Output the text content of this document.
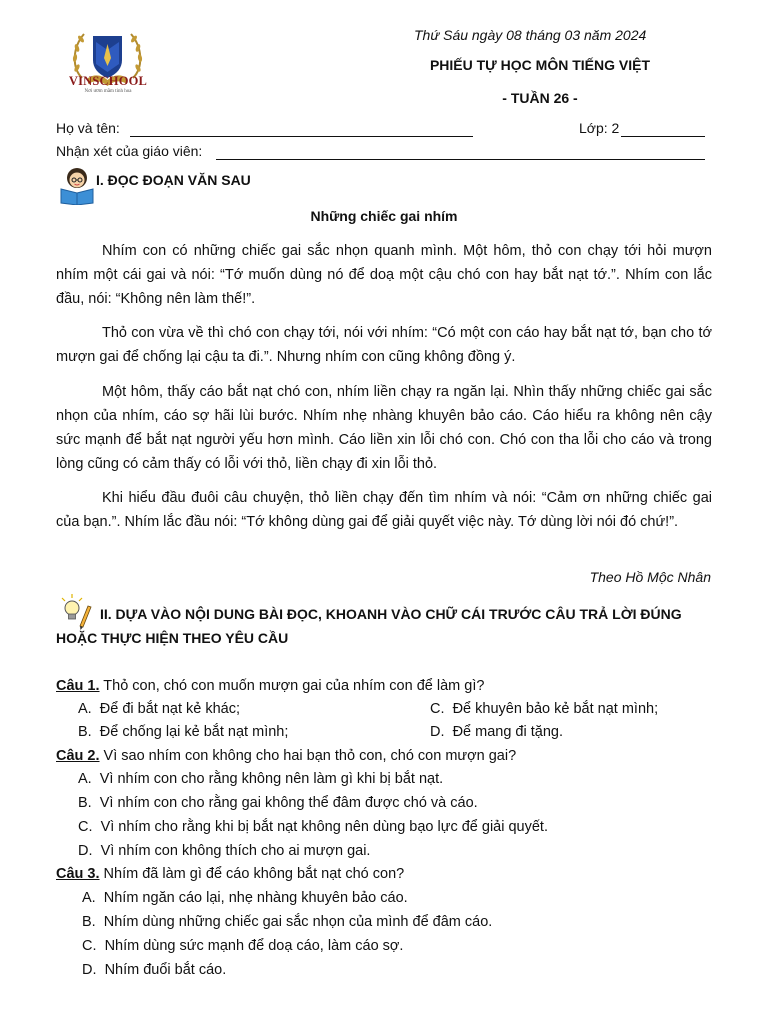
VINSCHOOL
Nơi ươm mầm tinh hoa
Thứ Sáu ngày 08 tháng 03 năm 2024
PHIẾU TỰ HỌC MÔN TIẾNG VIỆT
- TUẦN 26 -
Họ và tên:	Lớp: 2
Nhận xét của giáo viên:
I. ĐỌC ĐOẠN VĂN SAU
Những chiếc gai nhím
Nhím con có những chiếc gai sắc nhọn quanh mình. Một hôm, thỏ con chạy tới hỏi mượn nhím một cái gai và nói: “Tớ muốn dùng nó để doạ một cậu chó con hay bắt nạt tớ.”. Nhím con lắc đầu, nói: “Không nên làm thế!”.
Thỏ con vừa về thì chó con chạy tới, nói với nhím: “Có một con cáo hay bắt nạt tớ, bạn cho tớ mượn gai để chống lại cậu ta đi.”. Nhưng nhím con cũng không đồng ý.
Một hôm, thấy cáo bắt nạt chó con, nhím liền chạy ra ngăn lại. Nhìn thấy những chiếc gai sắc nhọn của nhím, cáo sợ hãi lùi bước. Nhím nhẹ nhàng khuyên bảo cáo. Cáo hiểu ra không nên cậy sức mạnh để bắt nạt người yếu hơn mình. Cáo liền xin lỗi chó con. Chó con tha lỗi cho cáo và trong lòng cũng có cảm thấy có lỗi với thỏ, liền chạy đi xin lỗi thỏ.
Khi hiểu đầu đuôi câu chuyện, thỏ liền chạy đến tìm nhím và nói: “Cảm ơn những chiếc gai của bạn.”. Nhím lắc đầu nói: “Tớ không dùng gai để giải quyết việc này. Tớ dùng lời nói đó chứ!”.
Theo Hồ Mộc Nhân
II. DỰA VÀO NỘI DUNG BÀI ĐỌC, KHOANH VÀO CHỮ CÁI TRƯỚC CÂU TRẢ LỜI ĐÚNG
HOẶC THỰC HIỆN THEO YÊU CẦU
Câu 1. Thỏ con, chó con muốn mượn gai của nhím con để làm gì?
A. Để đi bắt nạt kẻ khác;
B. Để chống lại kẻ bắt nạt mình;
C. Để khuyên bảo kẻ bắt nạt mình;
D. Để mang đi tặng.
Câu 2. Vì sao nhím con không cho hai bạn thỏ con, chó con mượn gai?
A. Vì nhím con cho rằng không nên làm gì khi bị bắt nạt.
B. Vì nhím con cho rằng gai không thể đâm được chó và cáo.
C. Vì nhím cho rằng khi bị bắt nạt không nên dùng bạo lực để giải quyết.
D. Vì nhím con không thích cho ai mượn gai.
Câu 3. Nhím đã làm gì để cáo không bắt nạt chó con?
A. Nhím ngăn cáo lại, nhẹ nhàng khuyên bảo cáo.
B. Nhím dùng những chiếc gai sắc nhọn của mình để đâm cáo.
C. Nhím dùng sức mạnh để doạ cáo, làm cáo sợ.
D. Nhím đuổi bắt cáo.
